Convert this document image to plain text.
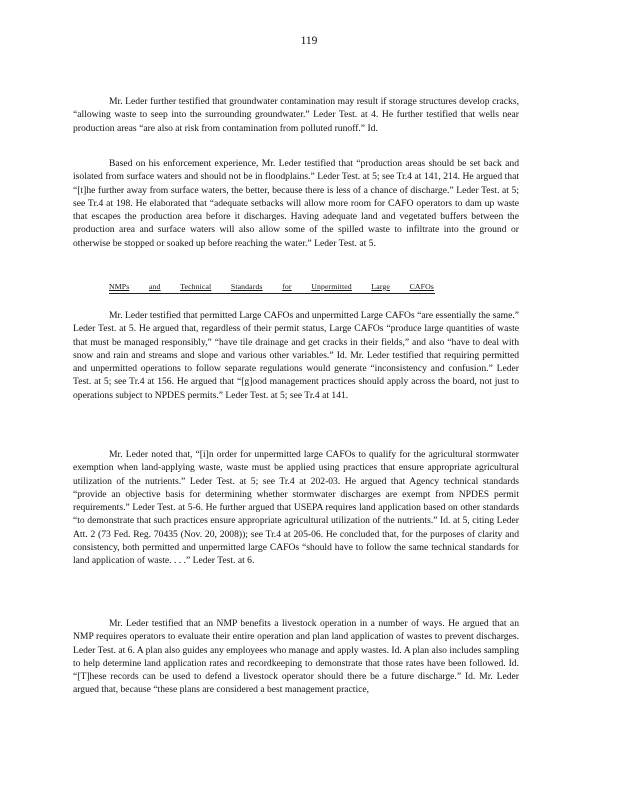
119

Mr. Leder further testified that groundwater contamination may result if storage structures develop cracks, “allowing waste to seep into the surrounding groundwater.” Leder Test. at 4. He further testified that wells near production areas “are also at risk from contamination from polluted runoff.” Id.

Based on his enforcement experience, Mr. Leder testified that “production areas should be set back and isolated from surface waters and should not be in floodplains.” Leder Test. at 5; see Tr.4 at 141, 214. He argued that “[t]he further away from surface waters, the better, because there is less of a chance of discharge.” Leder Test. at 5; see Tr.4 at 198. He elaborated that “adequate setbacks will allow more room for CAFO operators to dam up waste that escapes the production area before it discharges. Having adequate land and vegetated buffers between the production area and surface waters will also allow some of the spilled waste to infiltrate into the ground or otherwise be stopped or soaked up before reaching the water.” Leder Test. at 5.

NMPs	and	Technical	Standards	for	Unpermitted	Large	CAFOs

Mr. Leder testified that permitted Large CAFOs and unpermitted Large CAFOs “are essentially the same.” Leder Test. at 5. He argued that, regardless of their permit status, Large CAFOs “produce large quantities of waste that must be managed responsibly,” “have tile drainage and get cracks in their fields,” and also “have to deal with snow and rain and streams and slope and various other variables.” Id. Mr. Leder testified that requiring permitted and unpermitted operations to follow separate regulations would generate “inconsistency and confusion.” Leder Test. at 5; see Tr.4 at 156. He argued that “[g]ood management practices should apply across the board, not just to operations subject to NPDES permits.” Leder Test. at 5; see Tr.4 at 141.

Mr. Leder noted that, “[i]n order for unpermitted large CAFOs to qualify for the agricultural stormwater exemption when land-applying waste, waste must be applied using practices that ensure appropriate agricultural utilization of the nutrients.” Leder Test. at 5; see Tr.4 at 202-03. He argued that Agency technical standards “provide an objective basis for determining whether stormwater discharges are exempt from NPDES permit requirements.” Leder Test. at 5-6. He further argued that USEPA requires land application based on other standards “to demonstrate that such practices ensure appropriate agricultural utilization of the nutrients.” Id. at 5, citing Leder Att. 2 (73 Fed. Reg. 70435 (Nov. 20, 2008)); see Tr.4 at 205-06. He concluded that, for the purposes of clarity and consistency, both permitted and unpermitted large CAFOs “should have to follow the same technical standards for land application of waste. . . .” Leder Test. at 6.

Mr. Leder testified that an NMP benefits a livestock operation in a number of ways. He argued that an NMP requires operators to evaluate their entire operation and plan land application of wastes to prevent discharges. Leder Test. at 6. A plan also guides any employees who manage and apply wastes. Id. A plan also includes sampling to help determine land application rates and recordkeeping to demonstrate that those rates have been followed. Id. “[T]hese records can be used to defend a livestock operator should there be a future discharge.” Id. Mr. Leder argued that, because “these plans are considered a best management practice,
